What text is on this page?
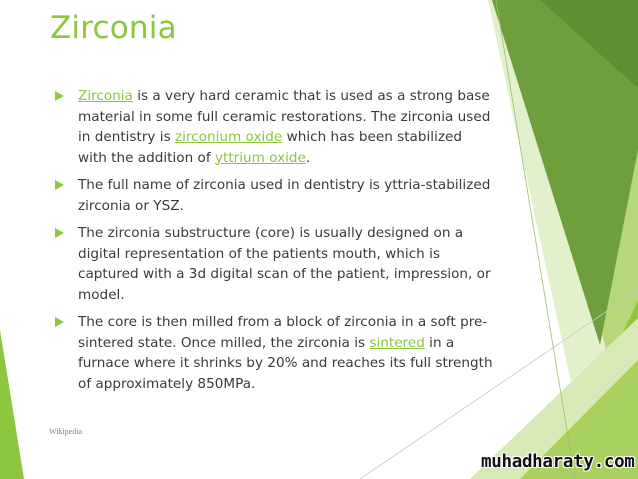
Zirconia
Zirconia is a very hard ceramic that is used as a strong base material in some full ceramic restorations. The zirconia used in dentistry is zirconium oxide which has been stabilized with the addition of yttrium oxide.
The full name of zirconia used in dentistry is yttria-stabilized zirconia or YSZ.
The zirconia substructure (core) is usually designed on a digital representation of the patients mouth, which is captured with a 3d digital scan of the patient, impression, or model.
The core is then milled from a block of zirconia in a soft pre-sintered state. Once milled, the zirconia is sintered in a furnace where it shrinks by 20% and reaches its full strength of approximately 850MPa.
Wikipedia
muhadharaty.com
